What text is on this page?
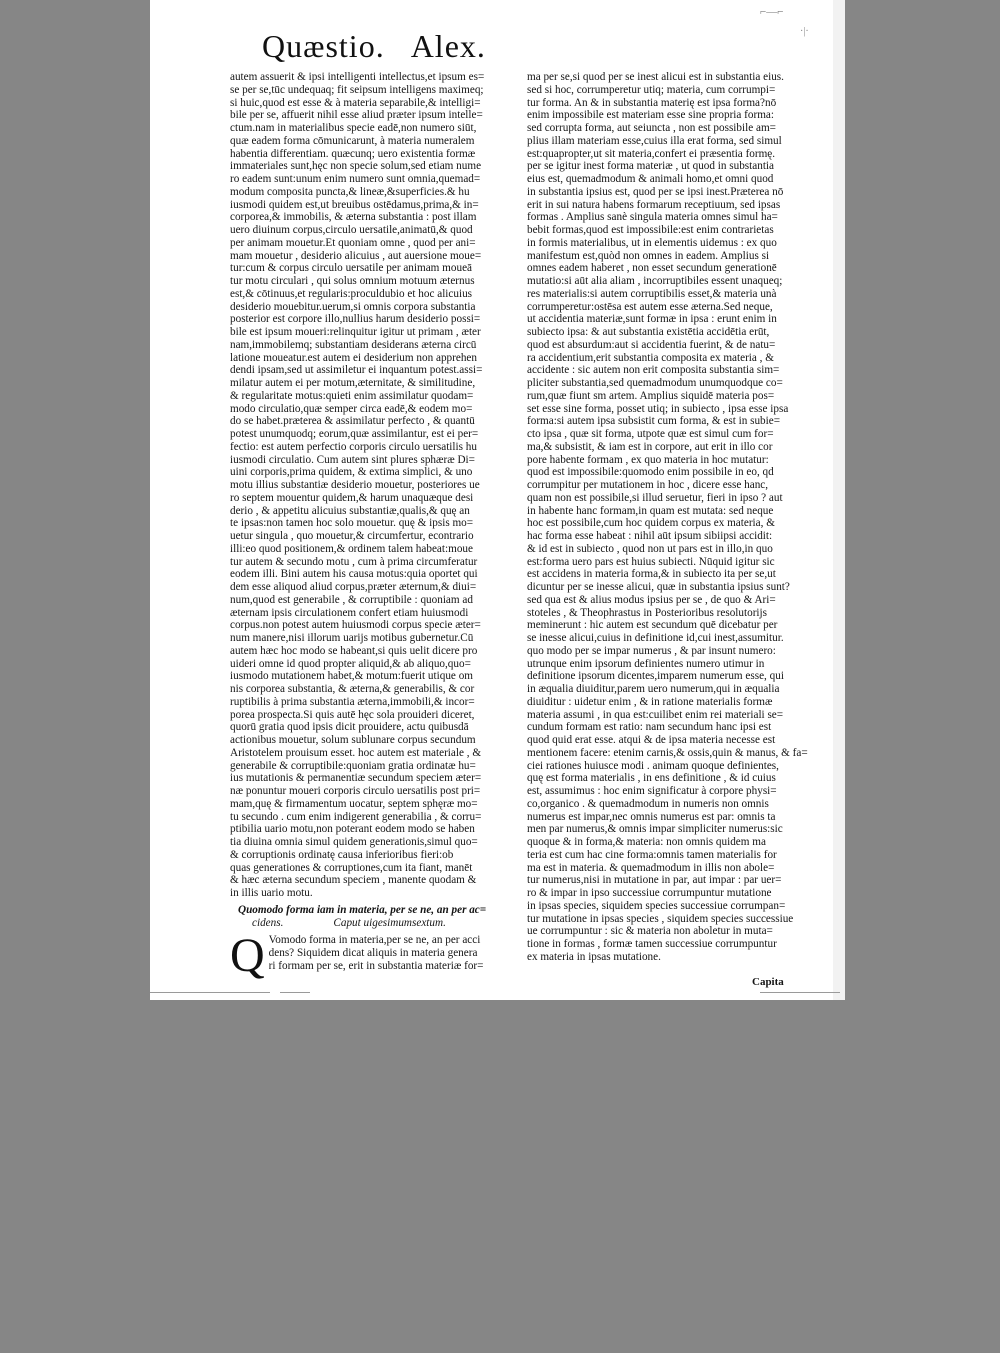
⌐—⌐
·|·
Quæstio. Alex.
autem assuerit & ipsi intelligenti intellectus,et ipsum es=
se per se,tūc undequaq; fit seipsum intelligens maximeq;
si huic,quod est esse & à materia separabile,& intelligi=
bile per se, affuerit nihil esse aliud præter ipsum intelle=
ctum.nam in materialibus specie eadē,non numero siūt,
quæ eadem forma cōmunicarunt, à materia numeralem
habentia differentiam. quæcunq; uero existentia formæ
immateriales sunt,hęc non specie solum,sed etiam nume
ro eadem sunt:unum enim numero sunt omnia,quemad=
modum composita puncta,& lineæ,&superficies.& hu
iusmodi quidem est,ut breuibus ostēdamus,prima,& in=
corporea,& immobilis, & æterna substantia : post illam
uero diuinum corpus,circulo uersatile,animatū,& quod
per animam mouetur.Et quoniam omne , quod per ani=
mam mouetur , desiderio alicuius , aut auersione moue=
tur:cum & corpus circulo uersatile per animam moueā
tur motu circulari , qui solus omnium motuum æternus
est,& cōtinuus,et regularis:proculdubio et hoc alicuius
desiderio mouebitur.uerum,si omnis corpora substantia
posterior est corpore illo,nullius harum desiderio possi=
bile est ipsum moueri:relinquitur igitur ut primam , æter
nam,immobilemq; substantiam desiderans æterna circū
latione moueatur.est autem ei desiderium non apprehen
dendi ipsam,sed ut assimiletur ei inquantum potest.assi=
milatur autem ei per motum,æternitate, & similitudine,
& regularitate motus:quieti enim assimilatur quodam=
modo circulatio,quæ semper circa eadē,& eodem mo=
do se habet.præterea & assimilatur perfecto , & quantū
potest unumquodq; eorum,quæ assimilantur, est ei per=
fectio: est autem perfectio corporis circulo uersatilis hu
iusmodi circulatio. Cum autem sint plures sphæræ Di=
uini corporis,prima quidem, & extima simplici, & uno
motu illius substantiæ desiderio mouetur, posteriores ue
ro septem mouentur quidem,& harum unaquæque desi
derio , & appetitu alicuius substantiæ,qualis,& quę an
te ipsas:non tamen hoc solo mouetur. quę & ipsis mo=
uetur singula , quo mouetur,& circumfertur, econtrario
illi:eo quod positionem,& ordinem talem habeat:moue
tur autem & secundo motu , cum à prima circumferatur
eodem illi. Bini autem his causa motus:quia oportet qui
dem esse aliquod aliud corpus,præter æternum,& diui=
num,quod est generabile , & corruptibile : quoniam ad
æternam ipsis circulationem confert etiam huiusmodi
corpus.non potest autem huiusmodi corpus specie æter=
num manere,nisi illorum uarijs motibus gubernetur.Cū
autem hæc hoc modo se habeant,si quis uelit dicere pro
uideri omne id quod propter aliquid,& ab aliquo,quo=
iusmodo mutationem habet,& motum:fuerit utique om
nis corporea substantia, & æterna,& generabilis, & cor
ruptibilis à prima substantia æterna,immobili,& incor=
porea prospecta.Si quis autē hęc sola prouideri diceret,
quorū gratia quod ipsis dicit prouidere, actu quibusdā
actionibus mouetur, solum sublunare corpus secundum
Aristotelem prouisum esset. hoc autem est materiale , &
generabile & corruptibile:quoniam gratia ordinatæ hu=
ius mutationis & permanentiæ secundum speciem æter=
næ ponuntur moueri corporis circulo uersatilis post pri=
mam,quę & firmamentum uocatur, septem sphęræ mo=
tu secundo . cum enim indigerent generabilia , & corru=
ptibilia uario motu,non poterant eodem modo se haben
tia diuina omnia simul quidem generationis,simul quo=
& corruptionis ordinatę causa inferioribus fieri:ob
quas generationes & corruptiones,cum ita fiant, manēt
& hæc æterna secundum speciem , manente quodam &
in illis uario motu.
Quomodo forma iam in materia, per se ne, an per ac=
cidens.	Caput uigesimumsextum.
Q Vomodo forma in materia,per se ne, an per acci
dens? Siquidem dicat aliquis in materia genera
ri formam per se, erit in substantia materiæ for=
ma per se,si quod per se inest alicui est in substantia eius.
sed si hoc, corrumperetur utiq; materia, cum corrumpi=
tur forma. An & in substantia materię est ipsa forma?nō
enim impossibile est materiam esse sine propria forma:
sed corrupta forma, aut seiuncta , non est possibile am=
plius illam materiam esse,cuius illa erat forma, sed simul
est:quapropter,ut sit materia,confert ei præsentia formę.
per se igitur inest forma materiæ , ut quod in substantia
eius est, quemadmodum & animali homo,et omni quod
in substantia ipsius est, quod per se ipsi inest.Præterea nō
erit in sui natura habens formarum receptiuum, sed ipsas
formas . Amplius sanè singula materia omnes simul ha=
bebit formas,quod est impossibile:est enim contrarietas
in formis materialibus, ut in elementis uidemus : ex quo
manifestum est,quòd non omnes in eadem. Amplius si
omnes eadem haberet , non esset secundum generationē
mutatio:si aūt alia aliam , incorruptibiles essent unaqueq;
res materialis:si autem corruptibilis esset,& materia unà
corrumperetur:ostēsa est autem esse æterna.Sed neque,
ut accidentia materiæ,sunt formæ in ipsa : erunt enim in
subiecto ipsa: & aut substantia existētia accidētia erūt,
quod est absurdum:aut si accidentia fuerint, & de natu=
ra accidentium,erit substantia composita ex materia , &
accidente : sic autem non erit composita substantia sim=
pliciter substantia,sed quemadmodum unumquodque co=
rum,quæ fiunt sm artem. Amplius siquidē materia pos=
set esse sine forma, posset utiq; in subiecto , ipsa esse ipsa
forma:si autem ipsa subsistit cum forma, & est in subie=
cto ipsa , quæ sit forma, utpote quæ est simul cum for=
ma,& subsistit, & iam est in corpore, aut erit in illo cor
pore habente formam , ex quo materia in hoc mutatur:
quod est impossibile:quomodo enim possibile in eo, qd
corrumpitur per mutationem in hoc , dicere esse hanc,
quam non est possibile,si illud seruetur, fieri in ipso ? aut
in habente hanc formam,in quam est mutata: sed neque
hoc est possibile,cum hoc quidem corpus ex materia, &
hac forma esse habeat : nihil aūt ipsum sibiipsi accidit:
& id est in subiecto , quod non ut pars est in illo,in quo
est:forma uero pars est huius subiecti. Nūquid igitur sic
est accidens in materia forma,& in subiecto ita per se,ut
dicuntur per se inesse alicui, quæ in substantia ipsius sunt?
sed qua est & alius modus ipsius per se , de quo & Ari=
stoteles , & Theophrastus in Posterioribus resolutorijs
meminerunt : hic autem est secundum quē dicebatur per
se inesse alicui,cuius in definitione id,cui inest,assumitur.
quo modo per se impar numerus , & par insunt numero:
utrunque enim ipsorum definientes numero utimur in
definitione ipsorum dicentes,imparem numerum esse, qui
in æqualia diuiditur,parem uero numerum,qui in æqualia
diuiditur : uidetur enim , & in ratione materialis formæ
materia assumi , in qua est:cuilibet enim rei materiali se=
cundum formam est ratio: nam secundum hanc ipsi est
quod quid erat esse. atqui & de ipsa materia necesse est
mentionem facere: etenim carnis,& ossis,quin & manus, & fa=
ciei rationes huiusce modi . animam quoque definientes,
quę est forma materialis , in ens definitione , & id cuius
est, assumimus : hoc enim significatur à corpore physi=
co,organico . & quemadmodum in numeris non omnis
numerus est impar,nec omnis numerus est par: omnis ta
men par numerus,& omnis impar simpliciter numerus:sic
quoque & in forma,& materia: non omnis quidem ma
teria est cum hac cine forma:omnis tamen materialis for
ma est in materia. & quemadmodum in illis non abole=
tur numerus,nisi in mutatione in par, aut impar : par uer=
ro & impar in ipso successiue corrumpuntur mutatione
in ipsas species, siquidem species successiue corrumpan=
tur mutatione in ipsas species , siquidem species successiue
ue corrumpuntur : sic & materia non aboletur in muta=
tione in formas , formæ tamen successiue corrumpuntur
ex materia in ipsas mutatione.
Capita
